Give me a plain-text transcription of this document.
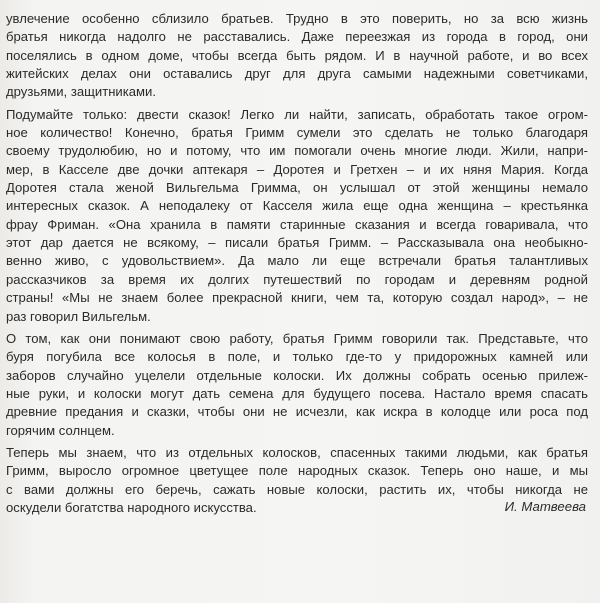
увлечение особенно сблизило братьев. Трудно в это поверить, но за всю жизнь
братья никогда надолго не расставались. Даже переезжая из города в город, они
поселялись в одном доме, чтобы всегда быть рядом. И в научной работе, и во всех
житейских делах они оставались друг для друга самыми надежными советчиками,
друзьями, защитниками.
Подумайте только: двести сказок! Легко ли найти, записать, обработать такое огром-
ное количество! Конечно, братья Гримм сумели это сделать не только благодаря
своему трудолюбию, но и потому, что им помогали очень многие люди. Жили, напри-
мер, в Касселе две дочки аптекаря – Доротея и Гретхен – и их няня Мария. Когда
Доротея стала женой Вильгельма Гримма, он услышал от этой женщины немало
интересных сказок. А неподалеку от Касселя жила еще одна женщина – крестьянка
фрау Фриман. «Она хранила в памяти старинные сказания и всегда говаривала, что
этот дар дается не всякому, – писали братья Гримм. – Рассказывала она необыкно-
венно живо, с удовольствием». Да мало ли еще встречали братья талантливых
рассказчиков за время их долгих путешествий по городам и деревням родной
страны! «Мы не знаем более прекрасной книги, чем та, которую создал народ», – не
раз говорил Вильгельм.
О том, как они понимают свою работу, братья Гримм говорили так. Представьте, что
буря погубила все колосья в поле, и только где-то у придорожных камней или
заборов случайно уцелели отдельные колоски. Их должны собрать осенью прилеж-
ные руки, и колоски могут дать семена для будущего посева. Настало время спасать
древние предания и сказки, чтобы они не исчезли, как искра в колодце или роса под
горячим солнцем.
Теперь мы знаем, что из отдельных колосков, спасенных такими людьми, как братья
Гримм, выросло огромное цветущее поле народных сказок. Теперь оно наше, и мы
с вами должны его беречь, сажать новые колоски, растить их, чтобы никогда не
оскудели богатства народного искусства.	И. Матвеева
